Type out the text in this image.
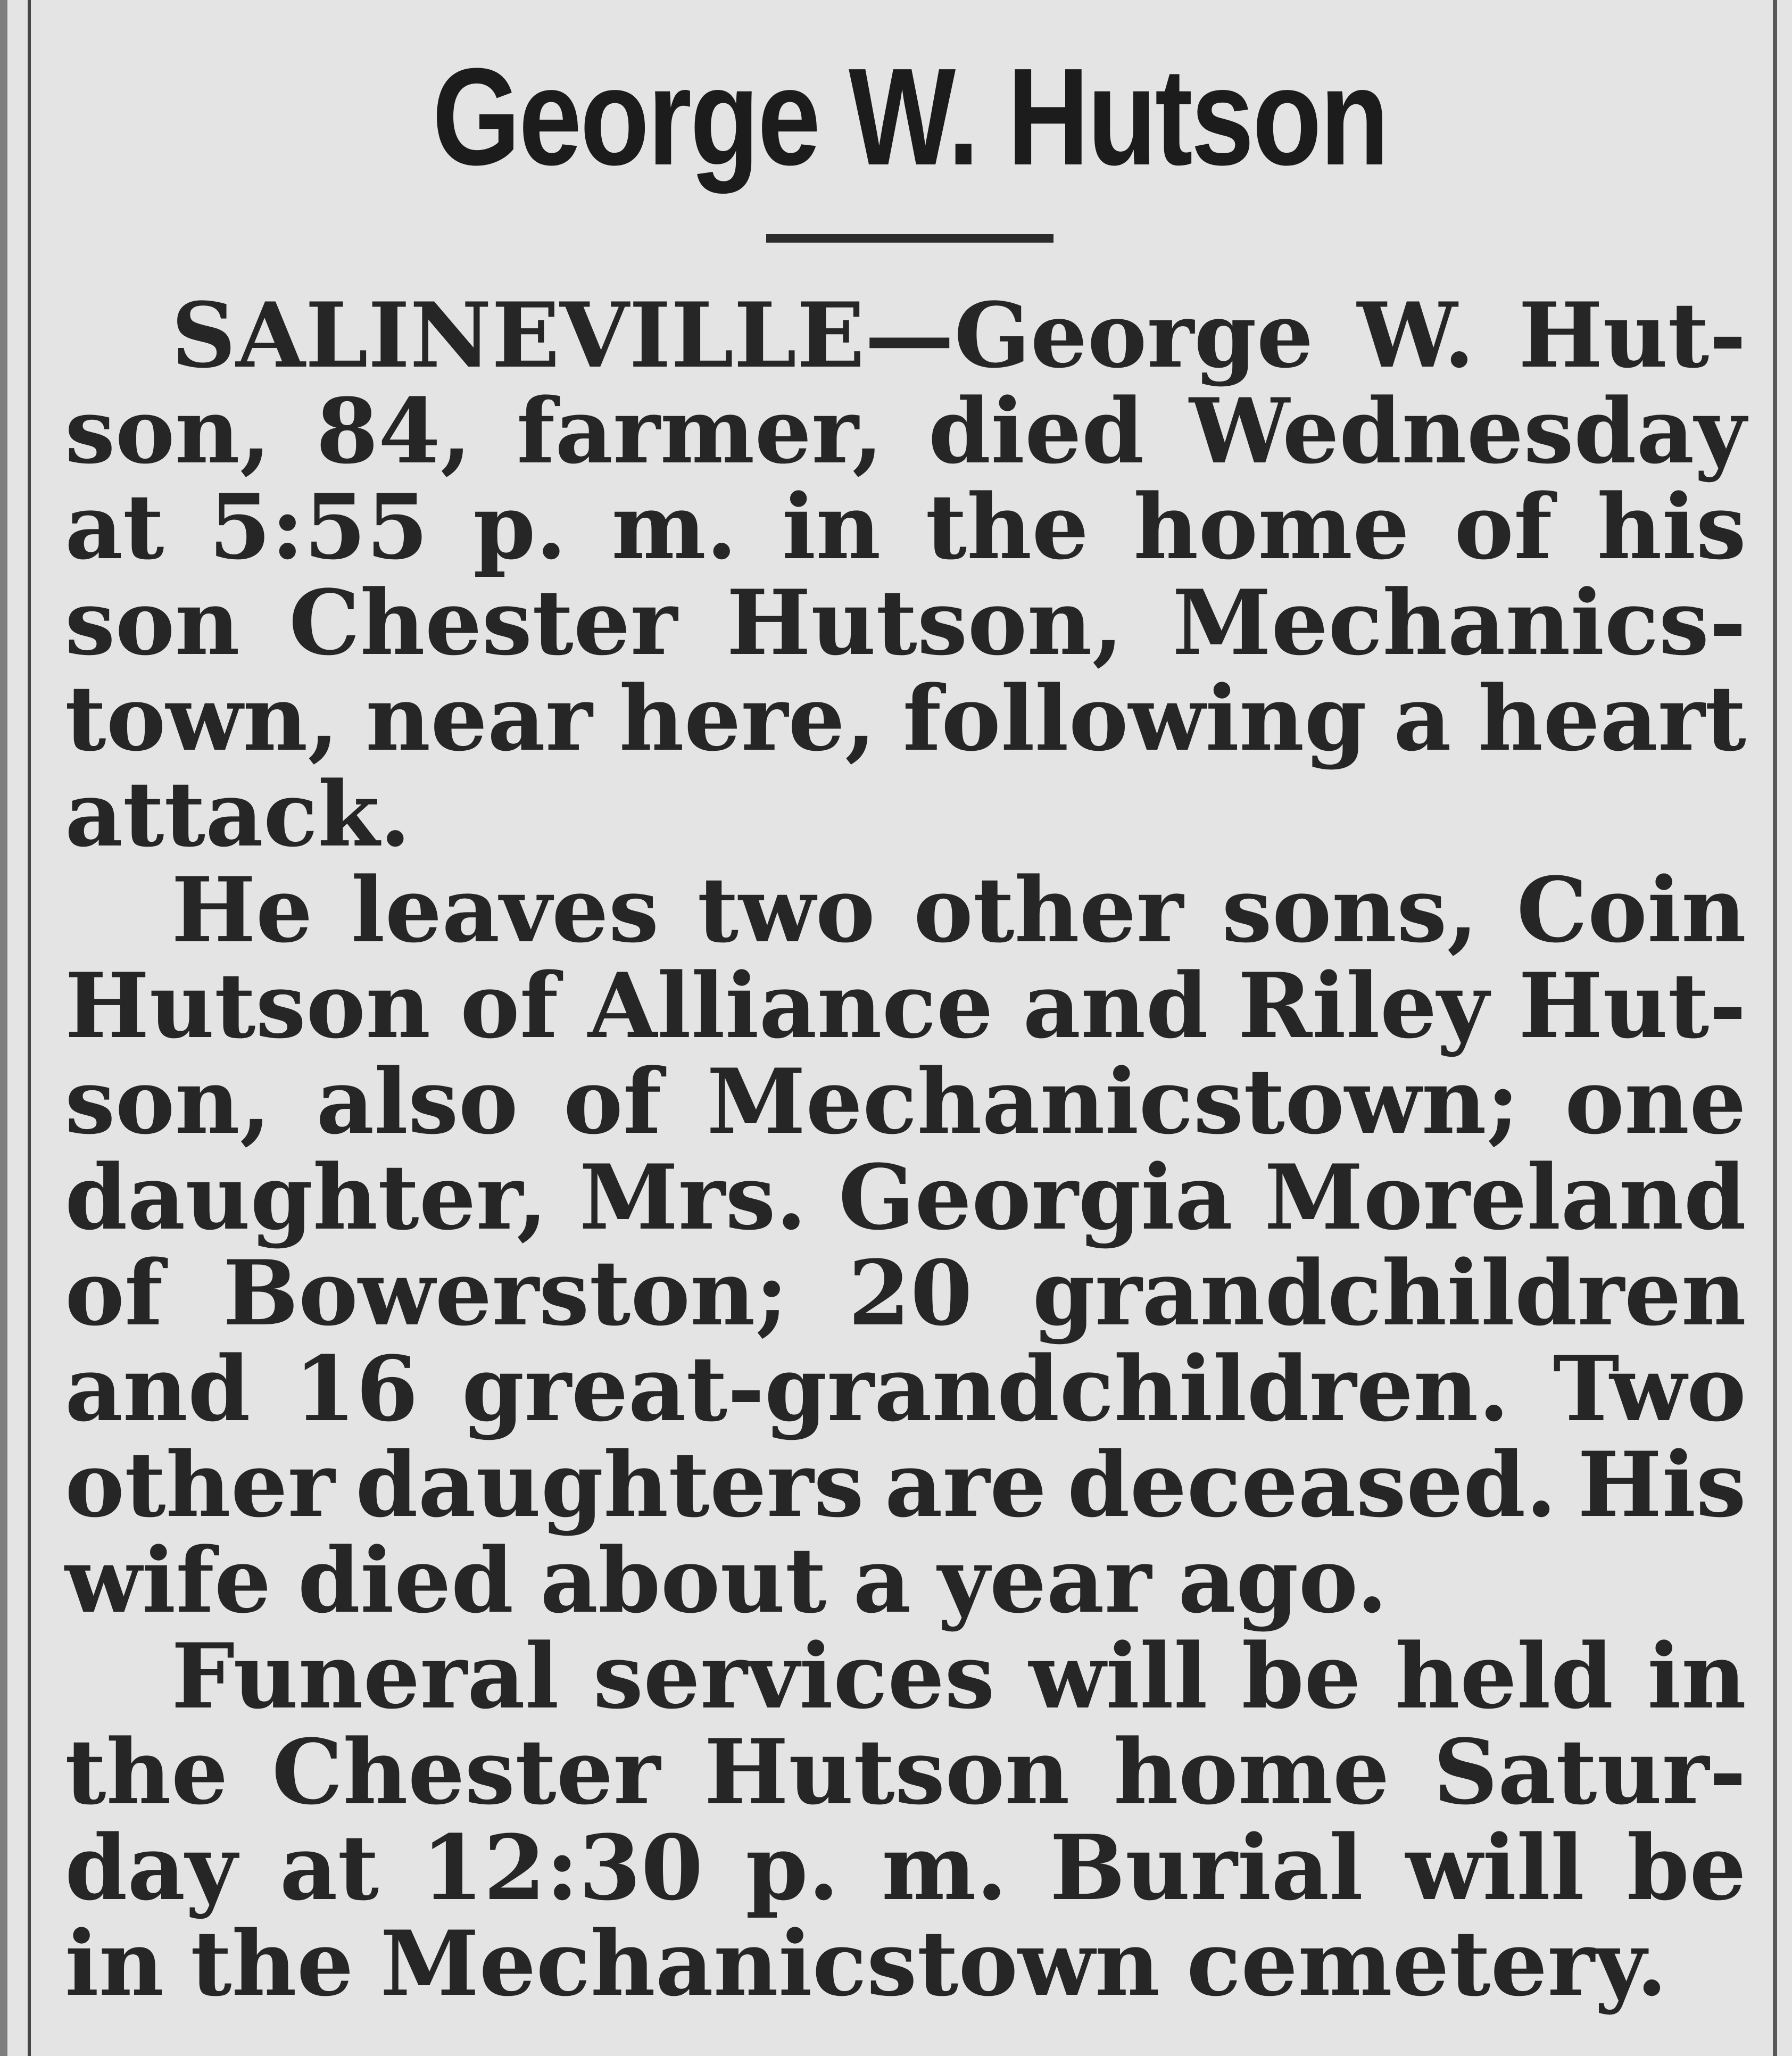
George W. Hutson
SALINEVILLE—George W. Hut-
son, 84, farmer, died Wednesday
at 5:55 p. m. in the home of his
son Chester Hutson, Mechanics-
town, near here, following a heart
attack.
He leaves two other sons, Coin
Hutson of Alliance and Riley Hut-
son, also of Mechanicstown; one
daughter, Mrs. Georgia Moreland
of Bowerston; 20 grandchildren
and 16 great-grandchildren. Two
other daughters are deceased. His
wife died about a year ago.
Funeral services will be held in
the Chester Hutson home Satur-
day at 12:30 p. m. Burial will be
in the Mechanicstown cemetery.
